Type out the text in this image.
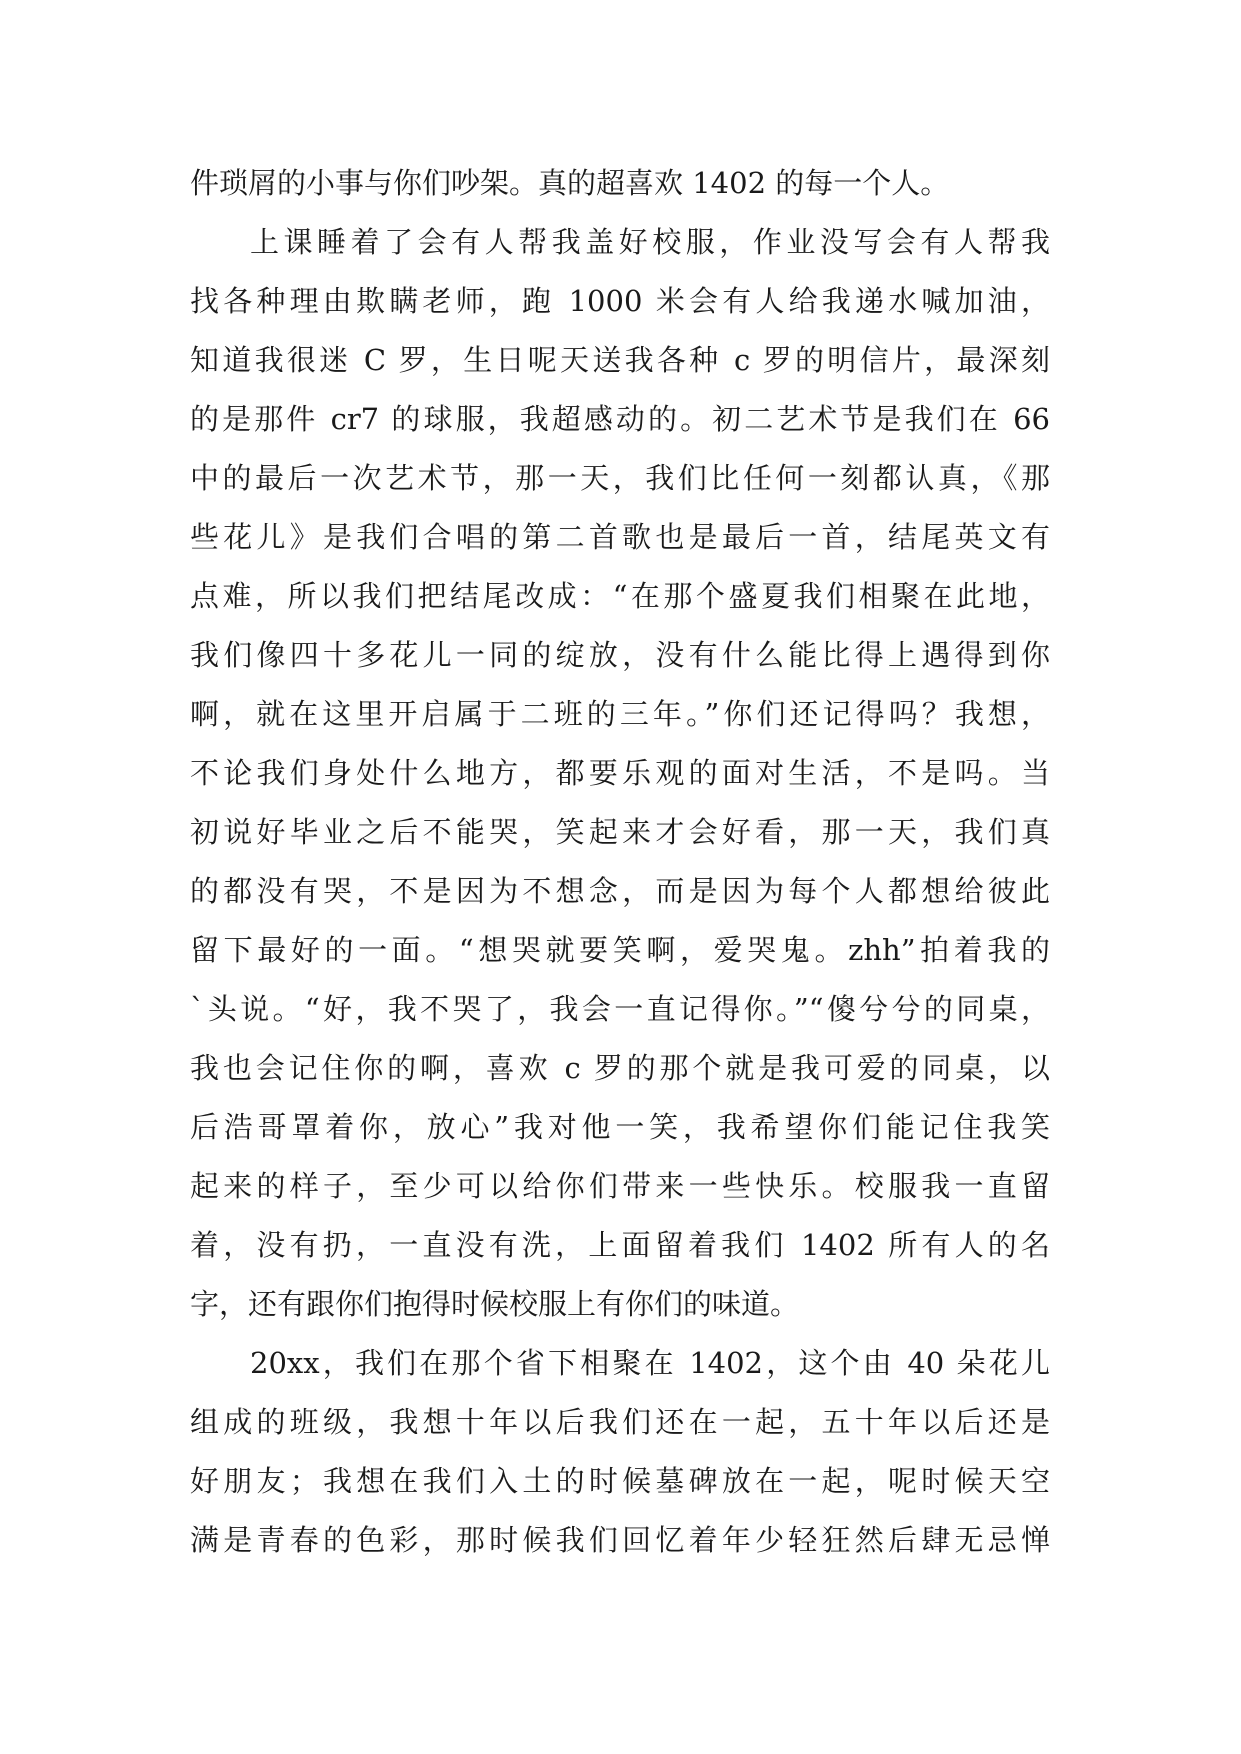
件琐屑的小事与你们吵架。真的超喜欢 1402 的每一个人。
上课睡着了会有人帮我盖好校服，作业没写会有人帮我
找各种理由欺瞒老师，跑 1000 米会有人给我递水喊加油，
知道我很迷 C 罗，生日呢天送我各种 c 罗的明信片，最深刻
的是那件 cr7 的球服，我超感动的。初二艺术节是我们在 66
中的最后一次艺术节，那一天，我们比任何一刻都认真，《那
些花儿》是我们合唱的第二首歌也是最后一首，结尾英文有
点难，所以我们把结尾改成：“在那个盛夏我们相聚在此地，
我们像四十多花儿一同的绽放，没有什么能比得上遇得到你
啊，就在这里开启属于二班的三年。”你们还记得吗？我想，
不论我们身处什么地方，都要乐观的面对生活，不是吗。当
初说好毕业之后不能哭，笑起来才会好看，那一天，我们真
的都没有哭，不是因为不想念，而是因为每个人都想给彼此
留下最好的一面。“想哭就要笑啊，爱哭鬼。zhh”拍着我的
`头说。“好，我不哭了，我会一直记得你。”“傻兮兮的同桌，
我也会记住你的啊，喜欢 c 罗的那个就是我可爱的同桌，以
后浩哥罩着你，放心”我对他一笑，我希望你们能记住我笑
起来的样子，至少可以给你们带来一些快乐。校服我一直留
着，没有扔，一直没有洗，上面留着我们 1402 所有人的名
字，还有跟你们抱得时候校服上有你们的味道。
20xx，我们在那个省下相聚在 1402，这个由 40 朵花儿
组成的班级，我想十年以后我们还在一起，五十年以后还是
好朋友；我想在我们入土的时候墓碑放在一起，呢时候天空
满是青春的色彩，那时候我们回忆着年少轻狂然后肆无忌惮
